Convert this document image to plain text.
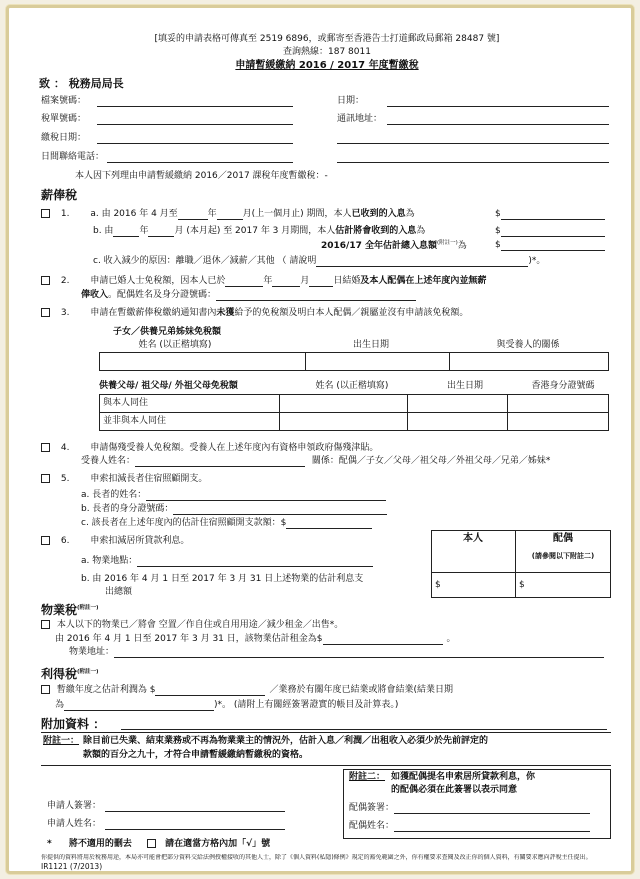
[填妥的申請表格可傳真至 2519 6896，或郵寄至香港告士打道郵政局郵箱 28487 號]
查詢熱線：187 8011
申請暫緩繳納 2016 / 2017 年度暫繳稅
致 ： 稅務局局長
檔案號碼：	日期：
稅單號碼：	通訊地址：
繳稅日期：
日間聯絡電話：
本人因下列理由申請暫緩繳納 2016／2017 課稅年度暫繳稅：-
薪俸稅
1. a. 由 2016 年 4 月至	年	月(上一個月止) 期間，本人已收到的入息為	$
b. 由	年	月 (本月起) 至 2017 年 3 月期間，本人估計將會收到的入息為	$
2016/17 全年估計總入息額$^{(附註一)}$為	$
c. 收入減少的原因：離職／退休／減薪／其他 （ 請說明	)*。
2. 申請已婚人士免稅額，因本人已於	年	月	日結婚及本人配偶在上述年度內並無薪
俸收入。配偶姓名及身分證號碼：
3. 申請在暫繳薪俸稅繳納通知書內未獲給予的免稅額及明白本人配偶／親屬並沒有申請該免稅額。
子女／供養兄弟姊妹免稅額
姓名 (以正楷填寫)	出生日期	與受養人的關係

供養父母/ 祖父母/ 外祖父母免稅額	姓名 (以正楷填寫)	出生日期	香港身分證號碼
與本人同住			
並非與本人同住			
4. 申請傷殘受養人免稅額。受養人在上述年度內有資格申領政府傷殘津貼。
受養人姓名：	關係：配偶／子女／父母／祖父母／外祖父母／兄弟／姊妹*
5. 申索扣減長者住宿照顧開支。
a. 長者的姓名：
b. 長者的身分證號碼：
c. 該長者在上述年度內的估計住宿照顧開支款額：$
6. 申索扣減居所貸款利息。
a. 物業地點：
b. 由 2016 年 4 月 1 日至 2017 年 3 月 31 日上述物業的估計利息支
出總額
本人	配偶
(請參閱以下附註二)
$	$
物業稅$^{(附註一)}$
本人以下的物業已／將會 空置／作自住或自用用途／減少租金／出售*。
由 2016 年 4 月 1 日至 2017 年 3 月 31 日，該物業估計租金為$	。
物業地址：
利得稅$^{(附註一)}$
暫繳年度之估計利潤為 $	／業務於有關年度已結業或將會結業(結業日期
為	)*。 (請附上有關經簽署證實的帳目及計算表。)
附加資料 ：
附註一： 除目前已失業、結束業務或不再為物業業主的情況外，估計入息／利潤／出租收入必須少於先前評定的
款額的百分之九十，才符合申請暫緩繳納暫繳稅的資格。
附註二： 如獲配偶提名申索居所貸款利息，你
的配偶必須在此簽署以表示同意
配偶簽署：
配偶姓名：
申請人簽署：
申請人姓名：
* 將不適用的刪去	請在適當方格內加「√」號
你提供的資料將用於稅務用途，本局亦可能會把部分資料交給法例授權接收的其他人士，除了《個人資料(私隱)條例》規定的豁免範圍之外，你有權要求查閱及改正你的個人資料，有關要求應向評稅主任提出。
IR1121 (7/2013)
